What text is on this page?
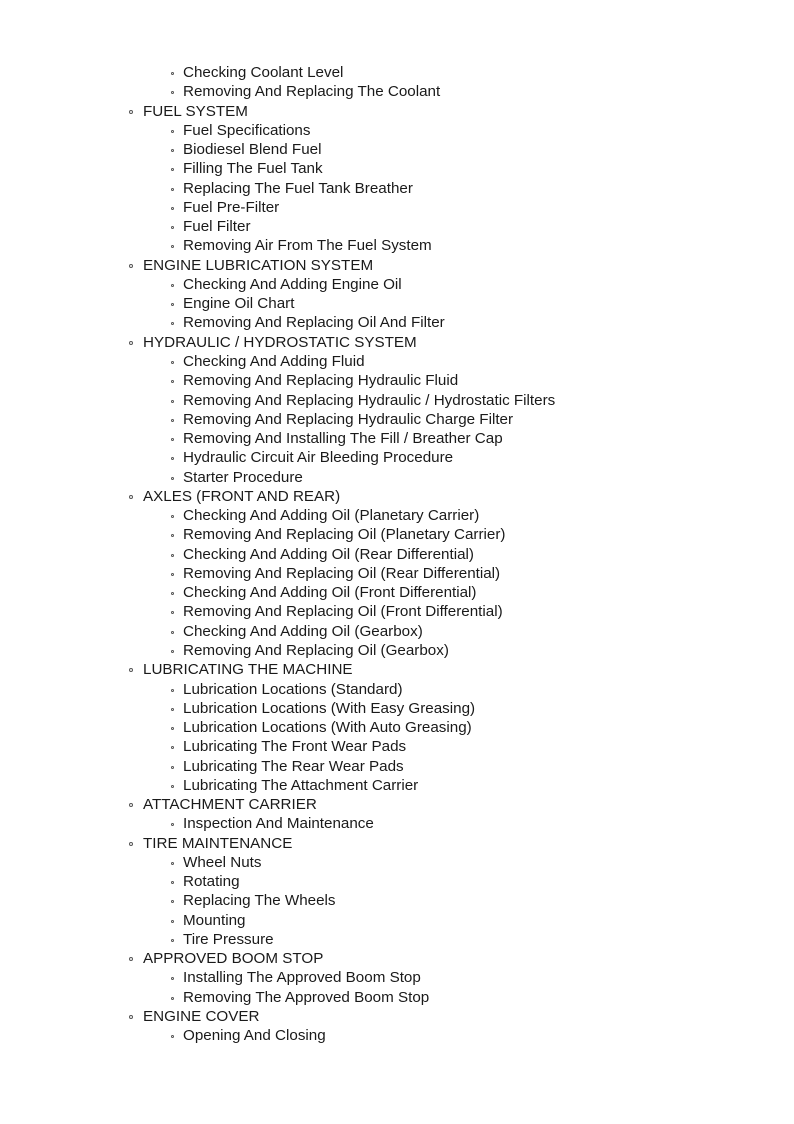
Checking Coolant Level
Removing And Replacing The Coolant
FUEL SYSTEM
Fuel Specifications
Biodiesel Blend Fuel
Filling The Fuel Tank
Replacing The Fuel Tank Breather
Fuel Pre-Filter
Fuel Filter
Removing Air From The Fuel System
ENGINE LUBRICATION SYSTEM
Checking And Adding Engine Oil
Engine Oil Chart
Removing And Replacing Oil And Filter
HYDRAULIC / HYDROSTATIC SYSTEM
Checking And Adding Fluid
Removing And Replacing Hydraulic Fluid
Removing And Replacing Hydraulic / Hydrostatic Filters
Removing And Replacing Hydraulic Charge Filter
Removing And Installing The Fill / Breather Cap
Hydraulic Circuit Air Bleeding Procedure
Starter Procedure
AXLES (FRONT AND REAR)
Checking And Adding Oil (Planetary Carrier)
Removing And Replacing Oil (Planetary Carrier)
Checking And Adding Oil (Rear Differential)
Removing And Replacing Oil (Rear Differential)
Checking And Adding Oil (Front Differential)
Removing And Replacing Oil (Front Differential)
Checking And Adding Oil (Gearbox)
Removing And Replacing Oil (Gearbox)
LUBRICATING THE MACHINE
Lubrication Locations (Standard)
Lubrication Locations (With Easy Greasing)
Lubrication Locations (With Auto Greasing)
Lubricating The Front Wear Pads
Lubricating The Rear Wear Pads
Lubricating The Attachment Carrier
ATTACHMENT CARRIER
Inspection And Maintenance
TIRE MAINTENANCE
Wheel Nuts
Rotating
Replacing The Wheels
Mounting
Tire Pressure
APPROVED BOOM STOP
Installing The Approved Boom Stop
Removing The Approved Boom Stop
ENGINE COVER
Opening And Closing
